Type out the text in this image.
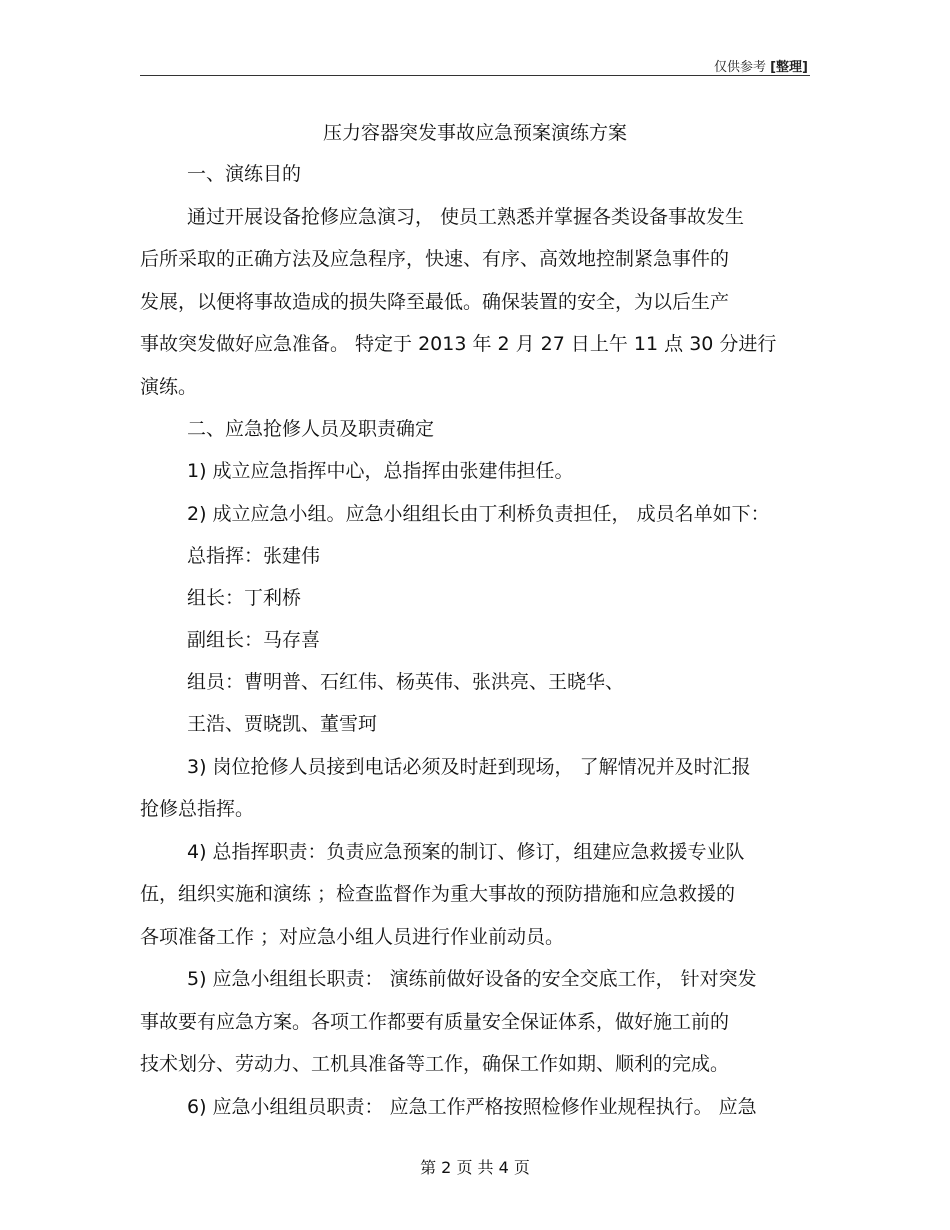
仅供参考 [整理]
压力容器突发事故应急预案演练方案
一、演练目的
通过开展设备抢修应急演习， 使员工熟悉并掌握各类设备事故发生
后所采取的正确方法及应急程序，快速、有序、高效地控制紧急事件的
发展，以便将事故造成的损失降至最低。确保装置的安全，为以后生产
事故突发做好应急准备。 特定于 2013 年 2 月 27 日上午 11 点 30 分进行
演练。
二、应急抢修人员及职责确定
1) 成立应急指挥中心，总指挥由张建伟担任。
2) 成立应急小组。应急小组组长由丁利桥负责担任， 成员名单如下：
总指挥：张建伟
组长：丁利桥
副组长：马存喜
组员：曹明普、石红伟、杨英伟、张洪亮、王晓华、
王浩、贾晓凯、董雪珂
3) 岗位抢修人员接到电话必须及时赶到现场， 了解情况并及时汇报
抢修总指挥。
4) 总指挥职责：负责应急预案的制订、修订，组建应急救援专业队
伍，组织实施和演练 ；检查监督作为重大事故的预防措施和应急救援的
各项准备工作 ；对应急小组人员进行作业前动员。
5) 应急小组组长职责： 演练前做好设备的安全交底工作， 针对突发
事故要有应急方案。各项工作都要有质量安全保证体系，做好施工前的
技术划分、劳动力、工机具准备等工作，确保工作如期、顺利的完成。
6) 应急小组组员职责： 应急工作严格按照检修作业规程执行。 应急
第 2 页 共 4 页
